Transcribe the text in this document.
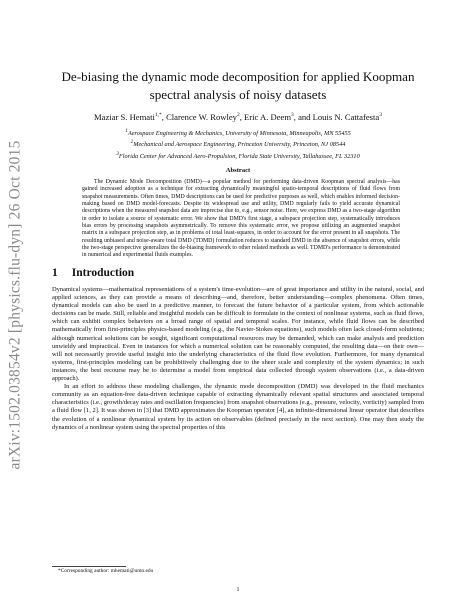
arXiv:1502.03854v2 [physics.flu-dyn] 26 Oct 2015
De-biasing the dynamic mode decomposition for applied Koopman
spectral analysis of noisy datasets
Maziar S. Hemati$^{1,*}$, Clarence W. Rowley$^2$, Eric A. Deem$^3$, and Louis N. Cattafesta$^3$
$^1$Aerospace Engineering & Mechanics, University of Minnesota, Minneapolis, MN 55455
$^2$Mechanical and Aerospace Engineering, Princeton University, Princeton, NJ 08544
$^3$Florida Center for Advanced Aero-Propulsion, Florida State University, Tallahassee, FL 32310
Abstract
The Dynamic Mode Decomposition (DMD)—a popular method for performing data-driven Koopman spectral analysis—has gained increased adoption as a technique for extracting dynamically meaningful spatio-temporal descriptions of fluid flows from snapshot measurements. Often times, DMD descriptions can be used for predictive purposes as well, which enables informed decision-making based on DMD model-forecasts. Despite its widespread use and utility, DMD regularly fails to yield accurate dynamical descriptions when the measured snapshot data are imprecise due to, e.g., sensor noise. Here, we express DMD as a two-stage algorithm in order to isolate a source of systematic error. We show that DMD's first stage, a subspace projection step, systematically introduces bias errors by processing snapshots asymmetrically. To remove this systematic error, we propose utilizing an augmented snapshot matrix in a subspace projection step, as in problems of total least-squares, in order to account for the error present in all snapshots. The resulting unbiased and noise-aware total DMD (TDMD) formulation reduces to standard DMD in the absence of snapshot errors, while the two-stage perspective generalizes the de-biasing framework to other related methods as well. TDMD's performance is demonstrated in numerical and experimental fluids examples.
1 Introduction

Dynamical systems—mathematical representations of a system's time-evolution—are of great importance and utility in the natural, social, and applied sciences, as they can provide a means of describing—and, therefore, better understanding—complex phenomena. Often times, dynamical models can also be used in a predictive manner, to forecast the future behavior of a particular system, from which actionable decisions can be made. Still, reliable and insightful models can be difficult to formulate in the context of nonlinear systems, such as fluid flows, which can exhibit complex behaviors on a broad range of spatial and temporal scales. For instance, while fluid flows can be described mathematically from first-principles physics-based modeling (e.g., the Navier-Stokes equations), such models often lack closed-form solutions; although numerical solutions can be sought, significant computational resources may be demanded, which can make analysis and prediction unwieldy and impractical. Even in instances for which a numerical solution can be reasonably computed, the resulting data—on their own—will not necessarily provide useful insight into the underlying characteristics of the fluid flow evolution. Furthermore, for many dynamical systems, first-principles modeling can be prohibitively challenging due to the sheer scale and complexity of the system dynamics; in such instances, the best recourse may be to determine a model from empirical data collected through system observations (i.e., a data-driven approach).

In an effort to address these modeling challenges, the dynamic mode decomposition (DMD) was developed in the fluid mechanics community as an equation-free data-driven technique capable of extracting dynamically relevant spatial structures and associated temporal characteristics (i.e., growth/decay rates and oscillation frequencies) from snapshot observations (e.g., pressure, velocity, vorticity) sampled from a fluid flow [1, 2]. It was shown in [3] that DMD approximates the Koopman operator [4], an infinite-dimensional linear operator that describes the evolution of a nonlinear dynamical system by its action on observables (defined precisely in the next section). One may then study the dynamics of a nonlinear system using the spectral properties of this

*Corresponding author: mhemati@umn.edu
1
